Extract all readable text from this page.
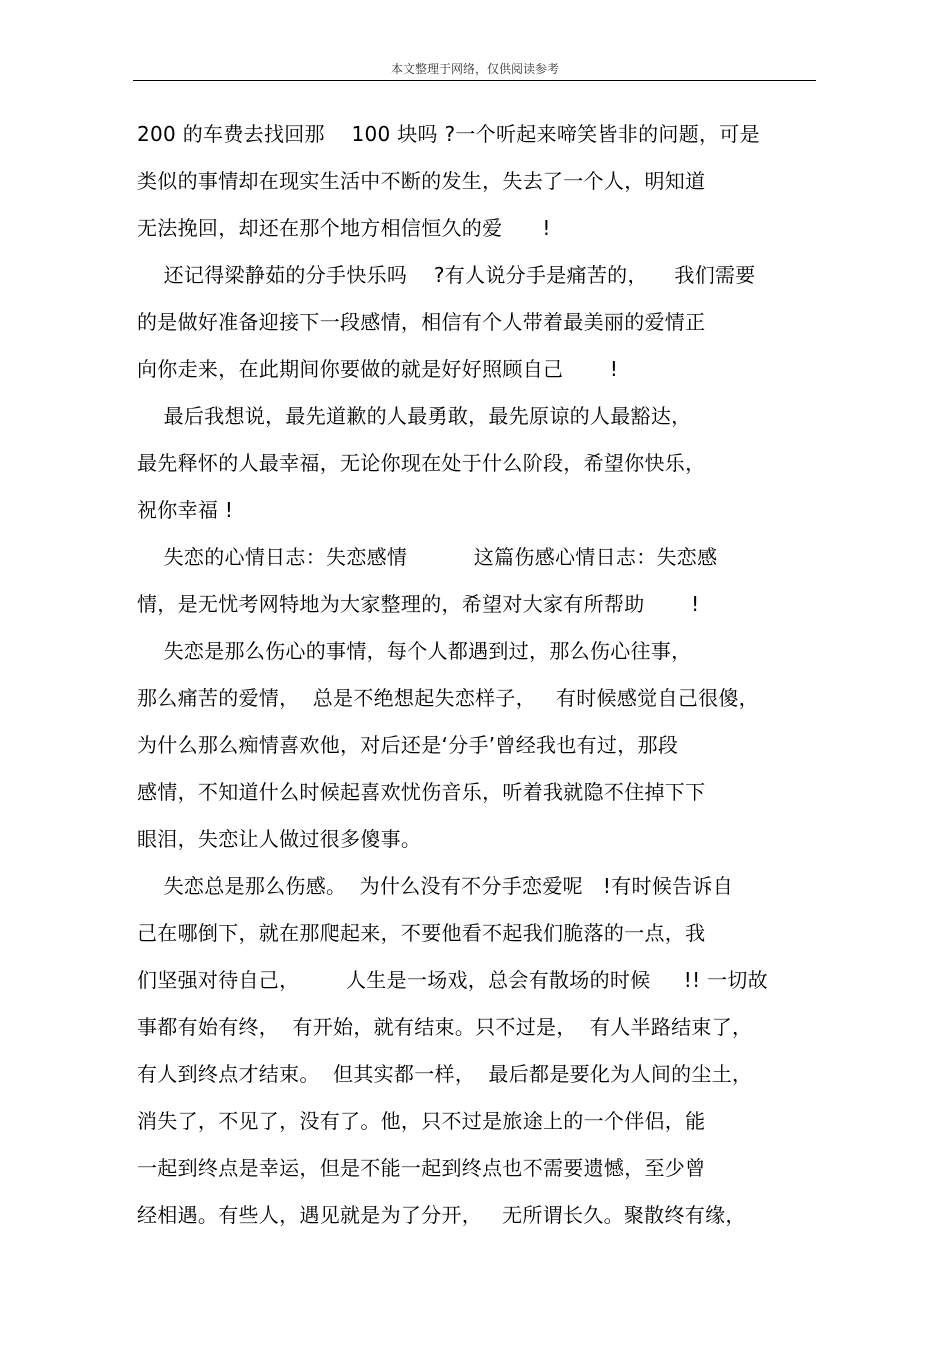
本文整理于网络，仅供阅读参考
200 的车费去找回那    100 块吗 ?一个听起来啼笑皆非的问题，可是
类似的事情却在现实生活中不断的发生，失去了一个人，明知道
无法挽回，却还在那个地方相信恒久的爱      !
还记得梁静茹的分手快乐吗    ?有人说分手是痛苦的，    我们需要
的是做好准备迎接下一段感情，相信有个人带着最美丽的爱情正
向你走来，在此期间你要做的就是好好照顾自己       !
最后我想说，最先道歉的人最勇敢，最先原谅的人最豁达，
最先释怀的人最幸福，无论你现在处于什么阶段，希望你快乐，
祝你幸福 !
失恋的心情日志：失恋感情          这篇伤感心情日志：失恋感
情，是无忧考网特地为大家整理的，希望对大家有所帮助       !
失恋是那么伤心的事情，每个人都遇到过，那么伤心往事，
那么痛苦的爱情，  总是不绝想起失恋样子，   有时候感觉自己很傻，
为什么那么痴情喜欢他，对后还是‘分手’曾经我也有过，那段
感情，不知道什么时候起喜欢忧伤音乐，听着我就隐不住掉下下
眼泪，失恋让人做过很多傻事。
失恋总是那么伤感。  为什么没有不分手恋爱呢   !有时候告诉自
己在哪倒下，就在那爬起来，不要他看不起我们脆落的一点，我
们坚强对待自己，       人生是一场戏，总会有散场的时候     !! 一切故
事都有始有终，  有开始，就有结束。只不过是，  有人半路结束了，
有人到终点才结束。  但其实都一样，  最后都是要化为人间的尘土，
消失了，不见了，没有了。他，只不过是旅途上的一个伴侣，能
一起到终点是幸运，但是不能一起到终点也不需要遗憾，至少曾
经相遇。有些人，遇见就是为了分开，   无所谓长久。聚散终有缘，
